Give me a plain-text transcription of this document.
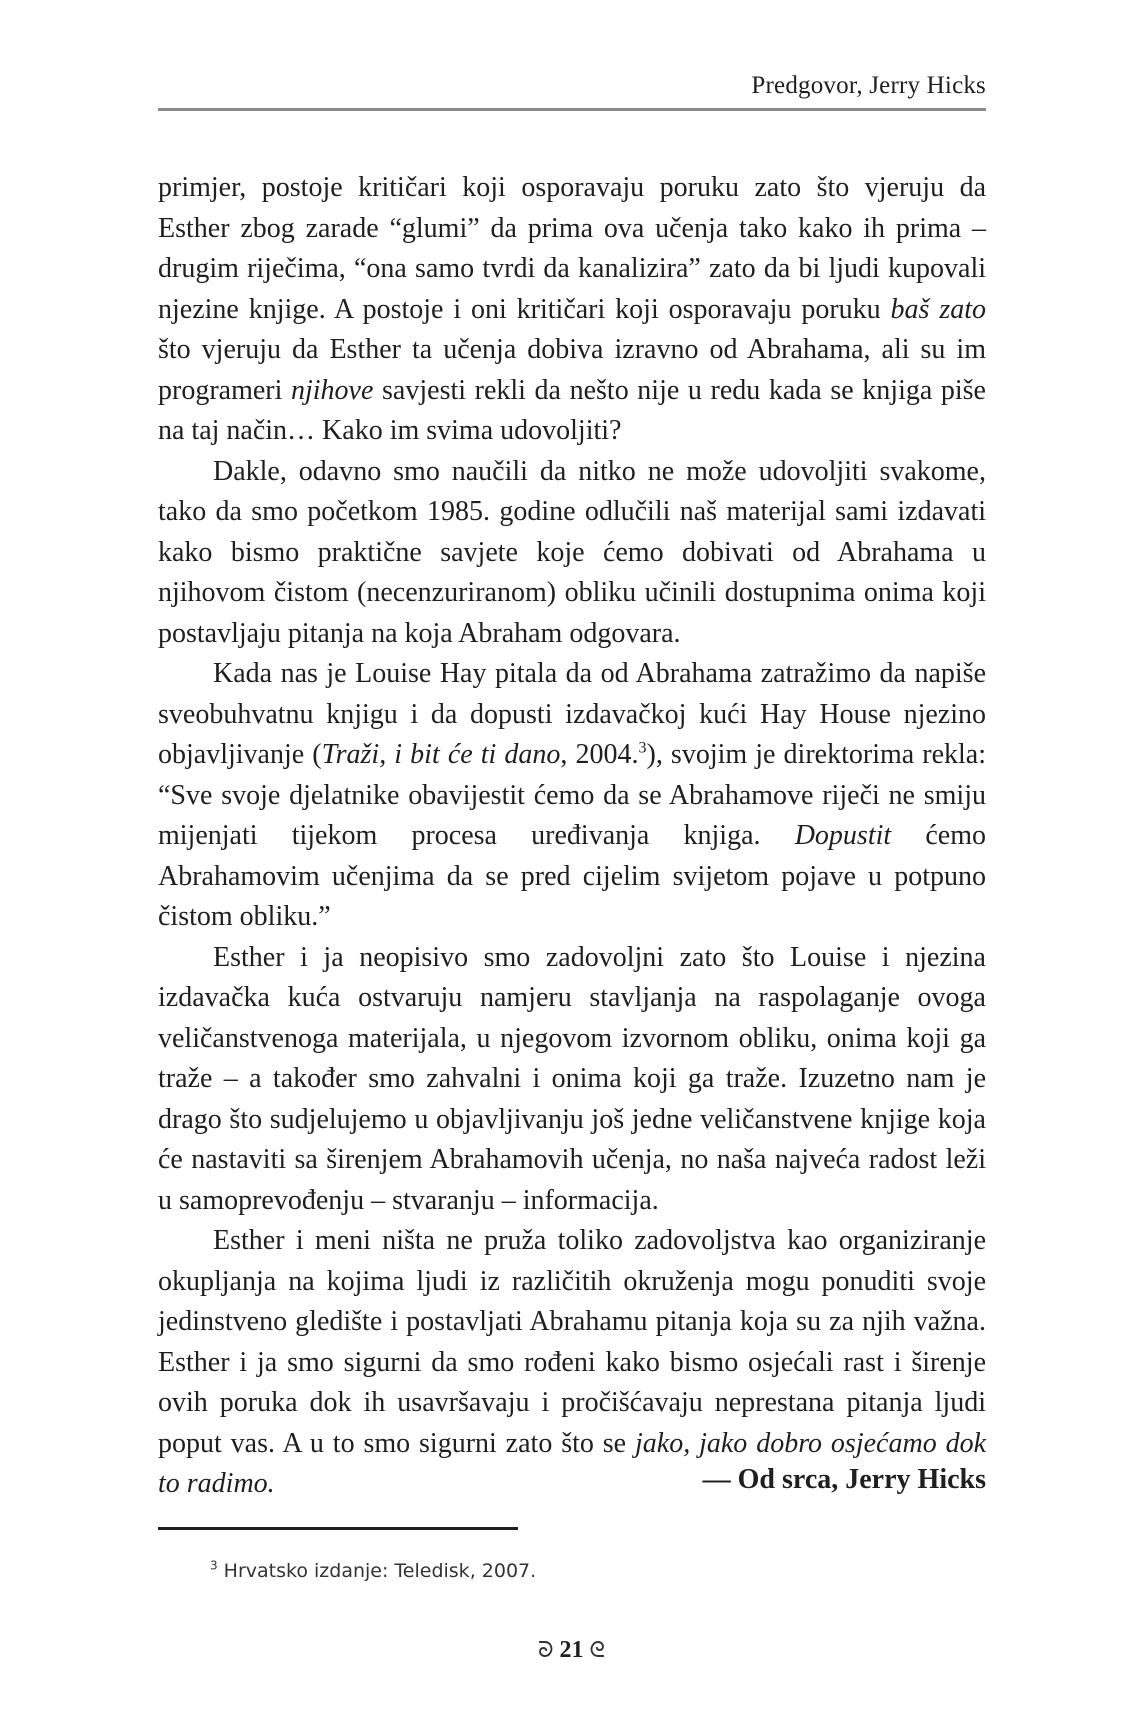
Predgovor, Jerry Hicks

primjer, postoje kritičari koji osporavaju poruku zato što vjeruju da Esther zbog zarade “glumi” da prima ova učenja tako kako ih prima – drugim riječima, “ona samo tvrdi da kanalizira” zato da bi ljudi kupovali njezine knjige. A postoje i oni kritičari koji osporavaju poruku baš zato što vjeruju da Esther ta učenja dobiva izravno od Abrahama, ali su im programeri njihove savjesti rekli da nešto nije u redu kada se knjiga piše na taj način… Kako im svima udovoljiti?

Dakle, odavno smo naučili da nitko ne može udovoljiti svakome, tako da smo početkom 1985. godine odlučili naš materijal sami izdavati kako bismo praktične savjete koje ćemo dobivati od Abrahama u njihovom čistom (necenzuriranom) obliku učinili dostupnima onima koji postavljaju pitanja na koja Abraham odgovara.

Kada nas je Louise Hay pitala da od Abrahama zatražimo da napiše sveobuhvatnu knjigu i da dopusti izdavačkoj kući Hay House njezino objavljivanje (Traži, i bit će ti dano, 2004.$^3$), svojim je direktorima rekla: “Sve svoje djelatnike obavijestit ćemo da se Abrahamove riječi ne smiju mijenjati tijekom procesa uređivanja knjiga. Dopustit ćemo Abrahamovim učenjima da se pred cijelim svijetom pojave u potpuno čistom obliku.”

Esther i ja neopisivo smo zadovoljni zato što Louise i njezina izdavačka kuća ostvaruju namjeru stavljanja na raspolaganje ovoga veličanstvenoga materijala, u njegovom izvornom obliku, onima koji ga traže – a također smo zahvalni i onima koji ga traže. Izuzetno nam je drago što sudjelujemo u objavljivanju još jedne veličanstvene knjige koja će nastaviti sa širenjem Abrahamovih učenja, no naša najveća radost leži u samoprevođenju – stvaranju – informacija.

Esther i meni ništa ne pruža toliko zadovoljstva kao organiziranje okupljanja na kojima ljudi iz različitih okruženja mogu ponuditi svoje jedinstveno gledište i postavljati Abrahamu pitanja koja su za njih važna. Esther i ja smo sigurni da smo rođeni kako bismo osjećali rast i širenje ovih poruka dok ih usavršavaju i pročišćavaju neprestana pitanja ljudi poput vas. A u to smo sigurni zato što se jako, jako dobro osjećamo dok to radimo.	— Od srca, Jerry Hicks
$^3$ Hrvatsko izdanje: Teledisk, 2007.
ᘐ 21 ᘓ
